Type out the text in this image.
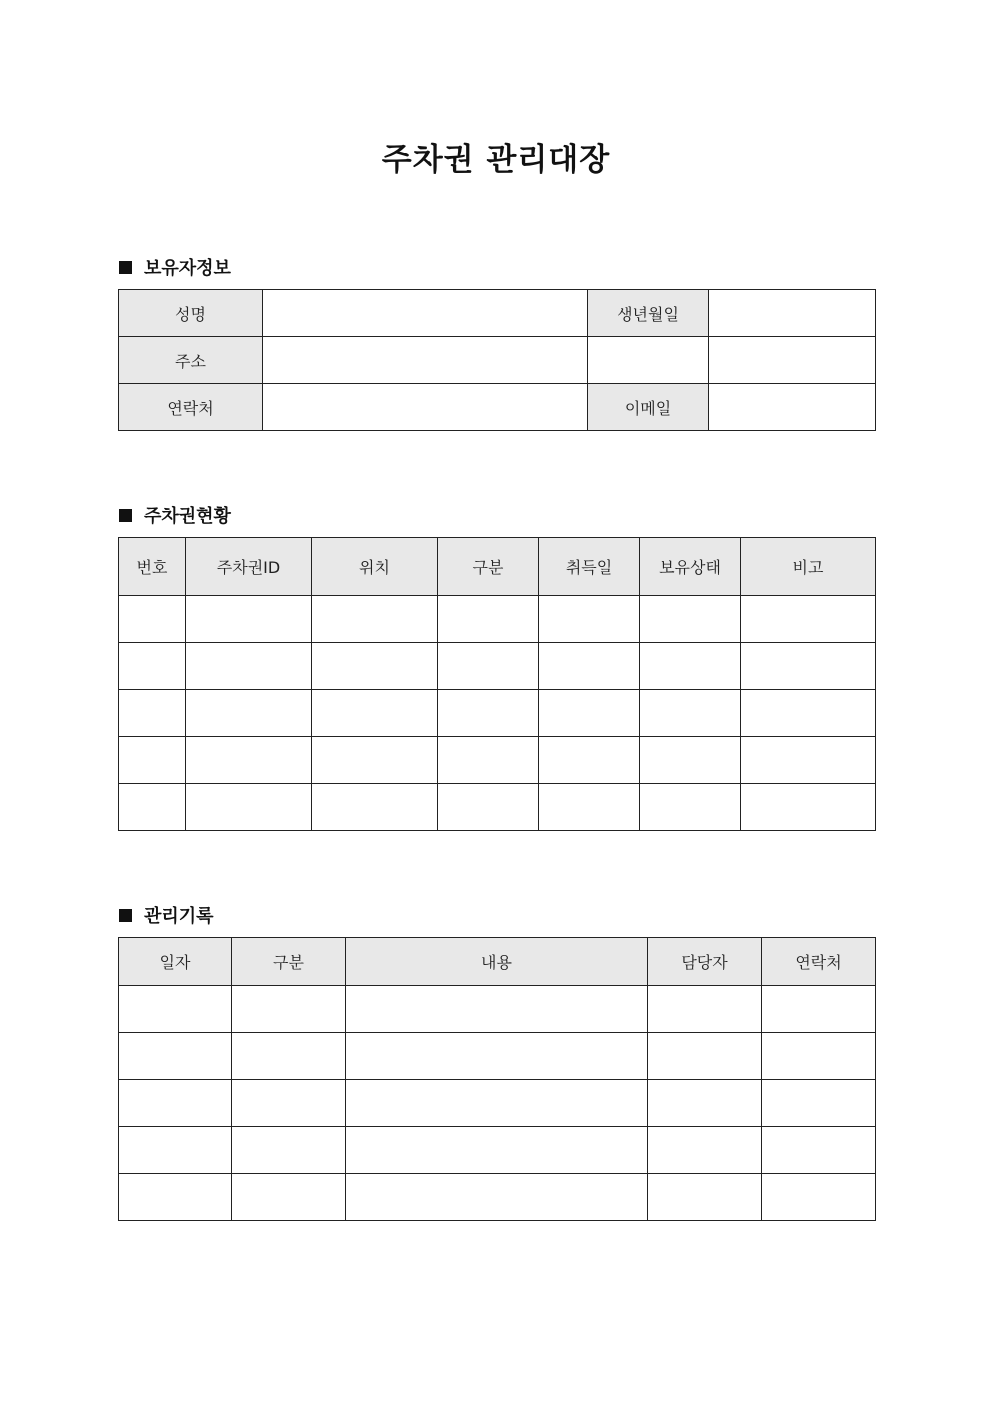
주차권 관리대장
보유자정보
성명		생년월일	
주소			
연락처		이메일	
주차권현황
번호	주차권ID	위치	구분	취득일	보유상태	비고

관리기록
일자	구분	내용	담당자	연락처
